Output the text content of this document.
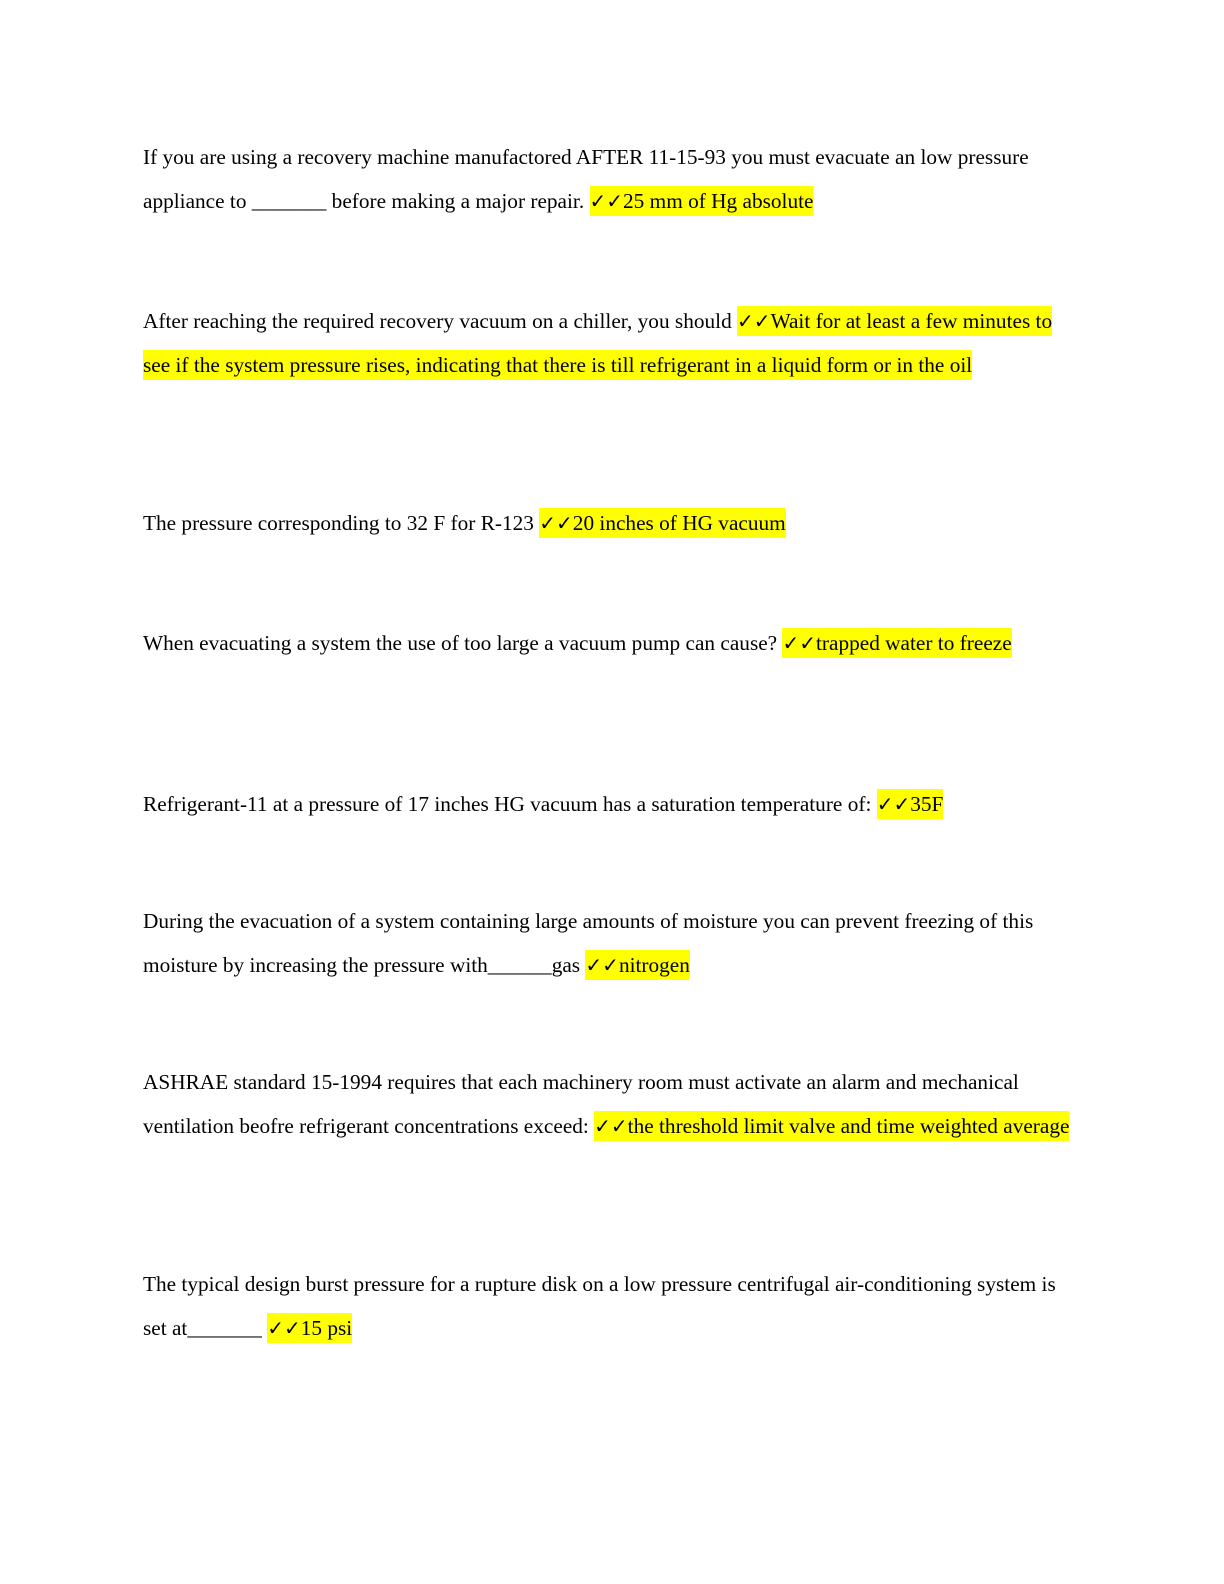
If you are using a recovery machine manufactored AFTER 11-15-93 you must evacuate an low pressure appliance to _______ before making a major repair. ✓✓25 mm of Hg absolute

After reaching the required recovery vacuum on a chiller, you should ✓✓Wait for at least a few minutes to see if the system pressure rises, indicating that there is till refrigerant in a liquid form or in the oil

The pressure corresponding to 32 F for R-123 ✓✓20 inches of HG vacuum

When evacuating a system the use of too large a vacuum pump can cause? ✓✓trapped water to freeze

Refrigerant-11 at a pressure of 17 inches HG vacuum has a saturation temperature of: ✓✓35F

During the evacuation of a system containing large amounts of moisture you can prevent freezing of this moisture by increasing the pressure with______gas ✓✓nitrogen

ASHRAE standard 15-1994 requires that each machinery room must activate an alarm and mechanical ventilation beofre refrigerant concentrations exceed: ✓✓the threshold limit valve and time weighted average

The typical design burst pressure for a rupture disk on a low pressure centrifugal air-conditioning system is set at_______ ✓✓15 psi
